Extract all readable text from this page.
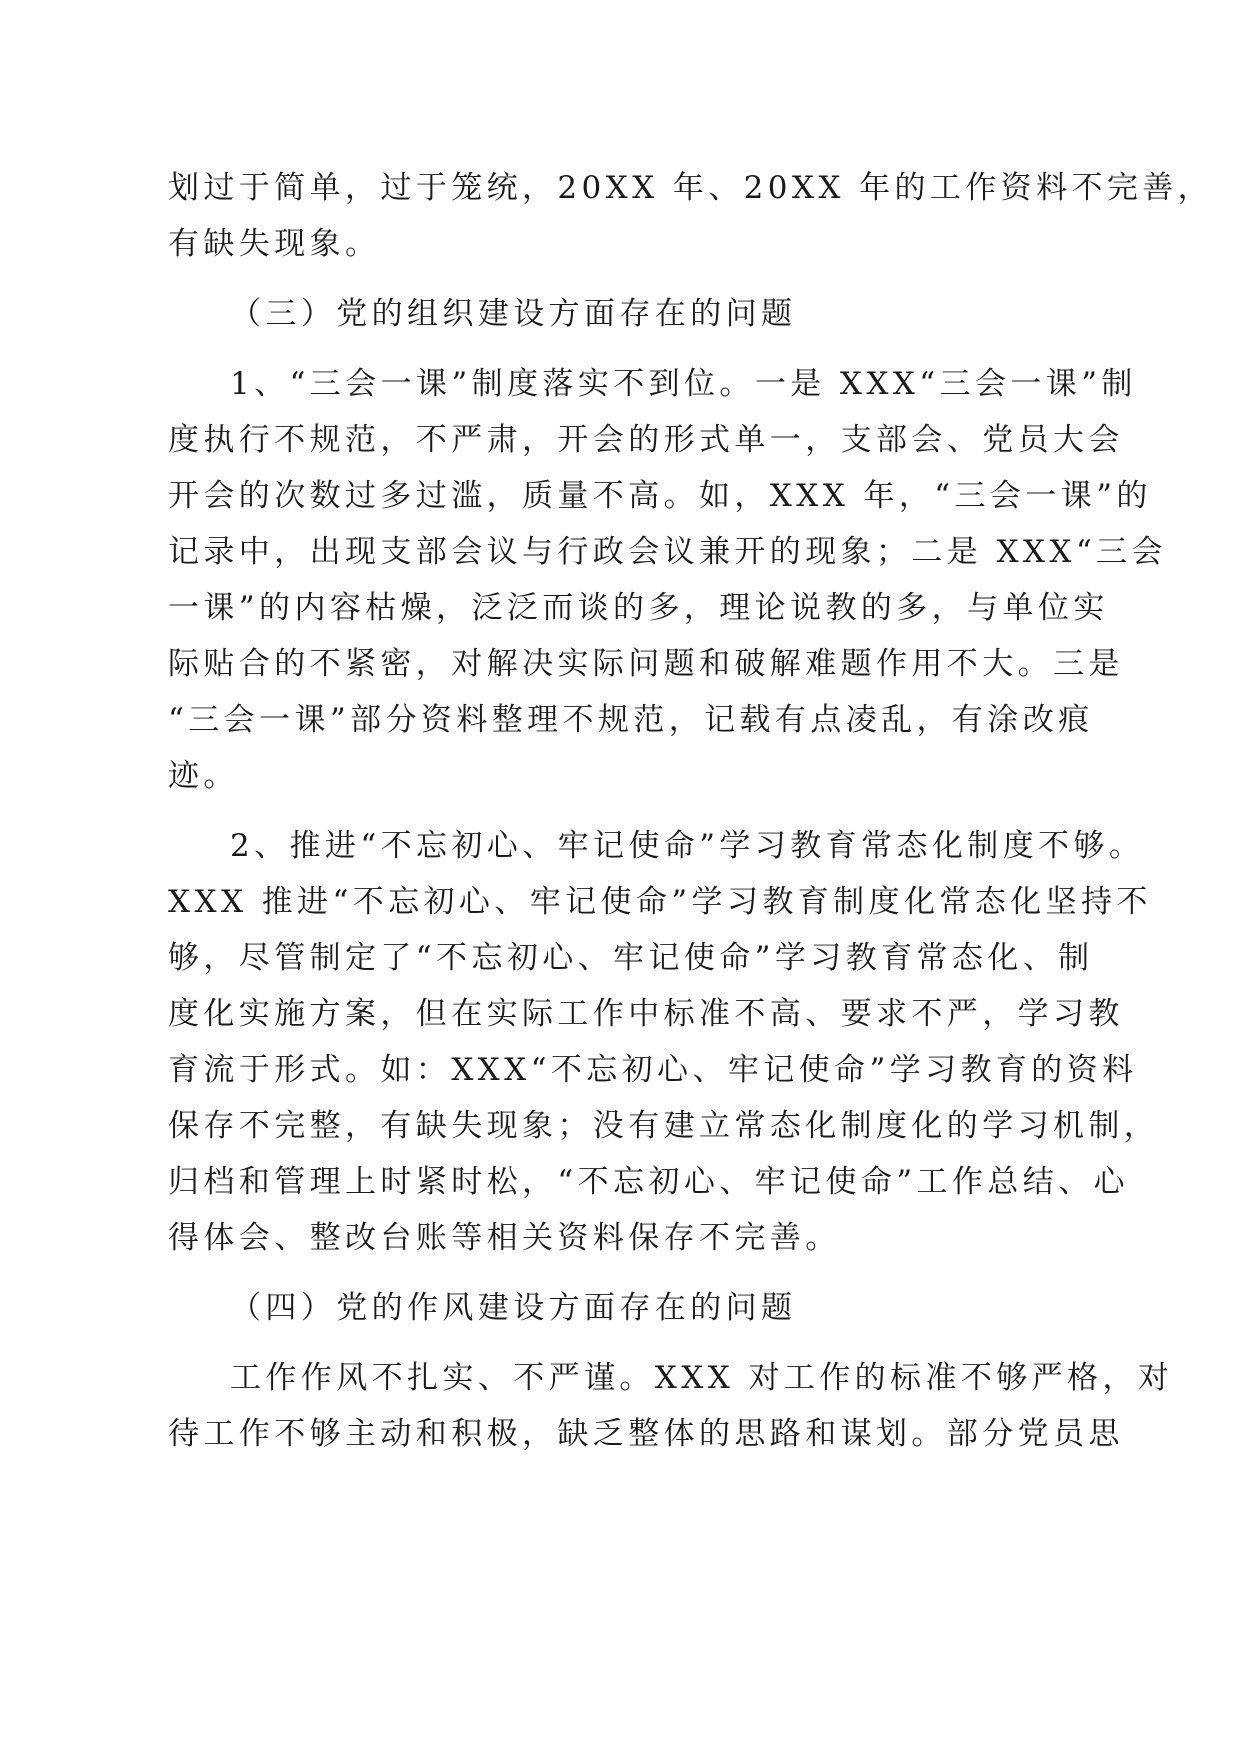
划过于简单，过于笼统，20XX 年、20XX 年的工作资料不完善，
有缺失现象。
（三）党的组织建设方面存在的问题
1、“三会一课”制度落实不到位。一是 XXX“三会一课”制
度执行不规范，不严肃，开会的形式单一，支部会、党员大会
开会的次数过多过滥，质量不高。如，XXX 年，“三会一课”的
记录中，出现支部会议与行政会议兼开的现象；二是 XXX“三会
一课”的内容枯燥，泛泛而谈的多，理论说教的多，与单位实
际贴合的不紧密，对解决实际问题和破解难题作用不大。三是
“三会一课”部分资料整理不规范，记载有点凌乱，有涂改痕
迹。
2、推进“不忘初心、牢记使命”学习教育常态化制度不够。
XXX 推进“不忘初心、牢记使命”学习教育制度化常态化坚持不
够，尽管制定了“不忘初心、牢记使命”学习教育常态化、制
度化实施方案，但在实际工作中标准不高、要求不严，学习教
育流于形式。如：XXX“不忘初心、牢记使命”学习教育的资料
保存不完整，有缺失现象；没有建立常态化制度化的学习机制，
归档和管理上时紧时松，“不忘初心、牢记使命”工作总结、心
得体会、整改台账等相关资料保存不完善。
（四）党的作风建设方面存在的问题
工作作风不扎实、不严谨。XXX 对工作的标准不够严格，对
待工作不够主动和积极，缺乏整体的思路和谋划。部分党员思
